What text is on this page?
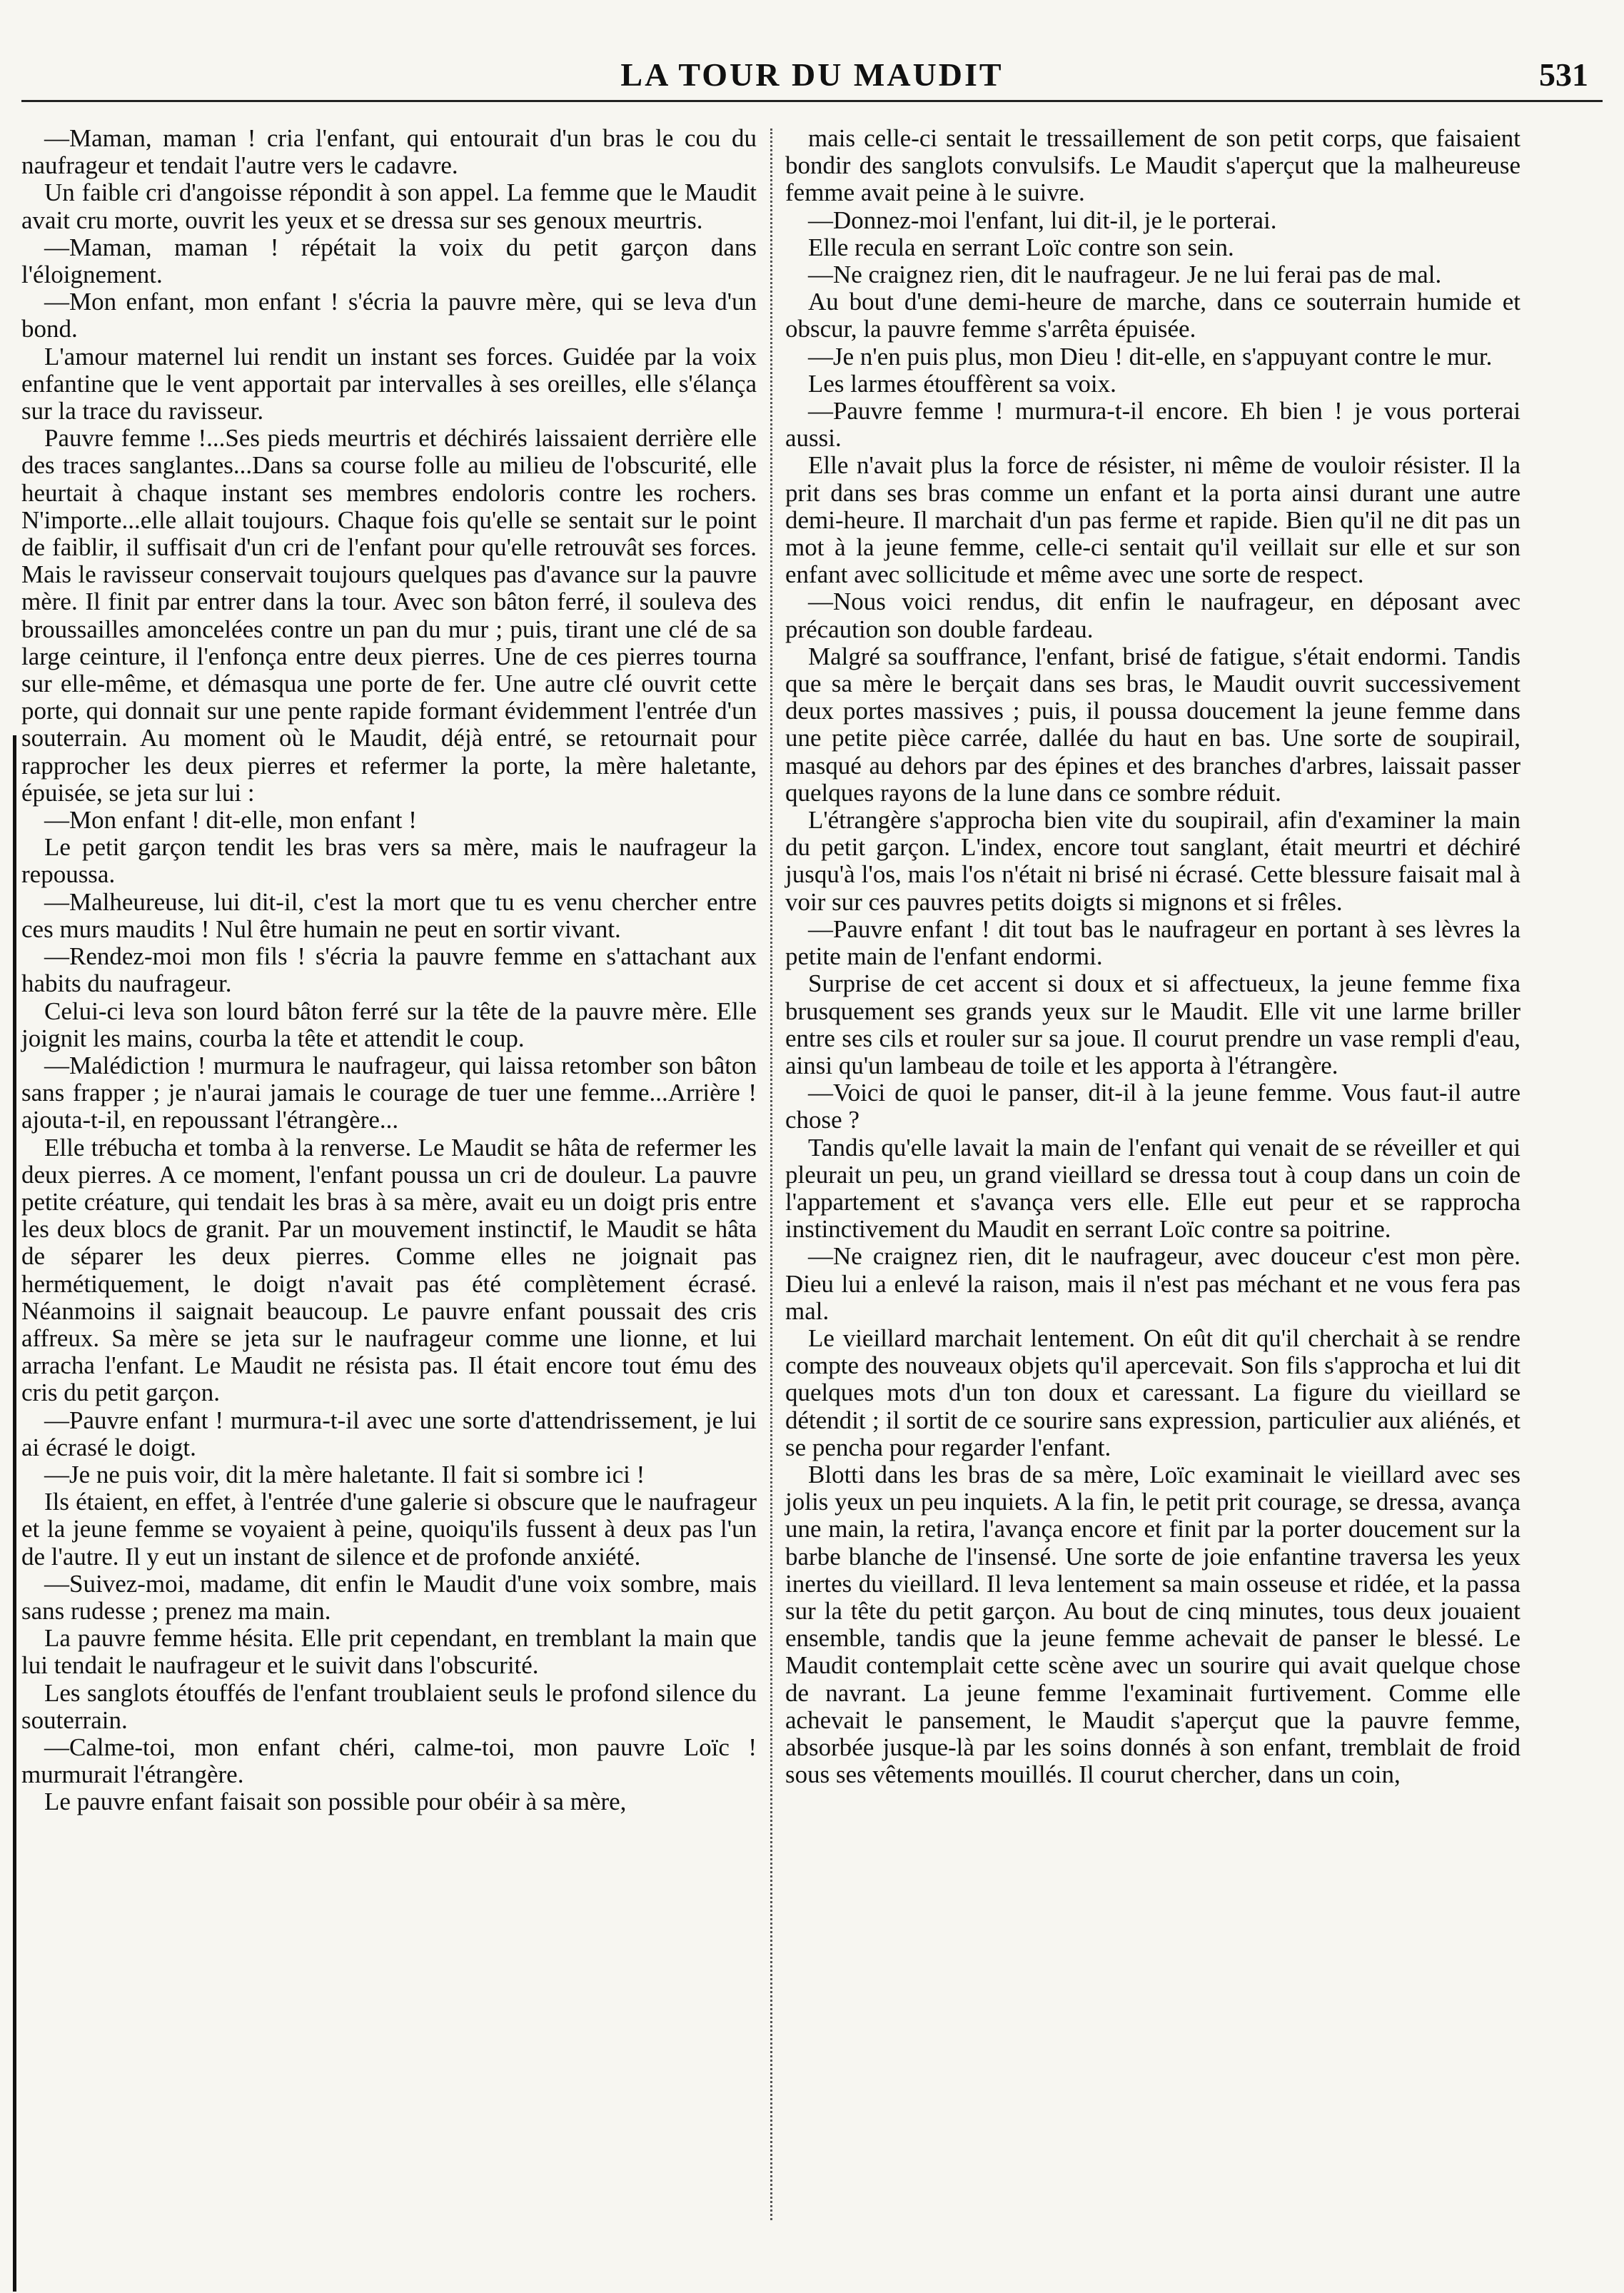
LA TOUR DU MAUDIT	531

—Maman, maman ! cria l'enfant, qui entourait d'un bras le cou du naufrageur et tendait l'autre vers le cadavre.

Un faible cri d'angoisse répondit à son appel. La femme que le Maudit avait cru morte, ouvrit les yeux et se dressa sur ses genoux meurtris.

—Maman, maman ! répétait la voix du petit garçon dans l'éloignement.

—Mon enfant, mon enfant ! s'écria la pauvre mère, qui se leva d'un bond.

L'amour maternel lui rendit un instant ses forces. Guidée par la voix enfantine que le vent apportait par intervalles à ses oreilles, elle s'élança sur la trace du ravisseur.

Pauvre femme !...Ses pieds meurtris et déchirés laissaient derrière elle des traces sanglantes...Dans sa course folle au milieu de l'obscurité, elle heurtait à chaque instant ses membres endoloris contre les rochers. N'importe...elle allait toujours. Chaque fois qu'elle se sentait sur le point de faiblir, il suffisait d'un cri de l'enfant pour qu'elle retrouvât ses forces. Mais le ravisseur conservait toujours quelques pas d'avance sur la pauvre mère. Il finit par entrer dans la tour. Avec son bâton ferré, il souleva des broussailles amoncelées contre un pan du mur ; puis, tirant une clé de sa large ceinture, il l'enfonça entre deux pierres. Une de ces pierres tourna sur elle-même, et démasqua une porte de fer. Une autre clé ouvrit cette porte, qui donnait sur une pente rapide formant évidemment l'entrée d'un souterrain. Au moment où le Maudit, déjà entré, se retournait pour rapprocher les deux pierres et refermer la porte, la mère haletante, épuisée, se jeta sur lui :

—Mon enfant ! dit-elle, mon enfant !

Le petit garçon tendit les bras vers sa mère, mais le naufrageur la repoussa.

—Malheureuse, lui dit-il, c'est la mort que tu es venu chercher entre ces murs maudits ! Nul être humain ne peut en sortir vivant.

—Rendez-moi mon fils ! s'écria la pauvre femme en s'attachant aux habits du naufrageur.

Celui-ci leva son lourd bâton ferré sur la tête de la pauvre mère. Elle joignit les mains, courba la tête et attendit le coup.

—Malédiction ! murmura le naufrageur, qui laissa retomber son bâton sans frapper ; je n'aurai jamais le courage de tuer une femme...Arrière ! ajouta-t-il, en repoussant l'étrangère...

Elle trébucha et tomba à la renverse. Le Maudit se hâta de refermer les deux pierres. A ce moment, l'enfant poussa un cri de douleur. La pauvre petite créature, qui tendait les bras à sa mère, avait eu un doigt pris entre les deux blocs de granit. Par un mouvement instinctif, le Maudit se hâta de séparer les deux pierres. Comme elles ne joignait pas hermétiquement, le doigt n'avait pas été complètement écrasé. Néanmoins il saignait beaucoup. Le pauvre enfant poussait des cris affreux. Sa mère se jeta sur le naufrageur comme une lionne, et lui arracha l'enfant. Le Maudit ne résista pas. Il était encore tout ému des cris du petit garçon.

—Pauvre enfant ! murmura-t-il avec une sorte d'attendrissement, je lui ai écrasé le doigt.

—Je ne puis voir, dit la mère haletante. Il fait si sombre ici !

Ils étaient, en effet, à l'entrée d'une galerie si obscure que le naufrageur et la jeune femme se voyaient à peine, quoiqu'ils fussent à deux pas l'un de l'autre. Il y eut un instant de silence et de profonde anxiété.

—Suivez-moi, madame, dit enfin le Maudit d'une voix sombre, mais sans rudesse ; prenez ma main.

La pauvre femme hésita. Elle prit cependant, en tremblant la main que lui tendait le naufrageur et le suivit dans l'obscurité.

Les sanglots étouffés de l'enfant troublaient seuls le profond silence du souterrain.

—Calme-toi, mon enfant chéri, calme-toi, mon pauvre Loïc ! murmurait l'étrangère.

Le pauvre enfant faisait son possible pour obéir à sa mère,

mais celle-ci sentait le tressaillement de son petit corps, que faisaient bondir des sanglots convulsifs. Le Maudit s'aperçut que la malheureuse femme avait peine à le suivre.

—Donnez-moi l'enfant, lui dit-il, je le porterai.

Elle recula en serrant Loïc contre son sein.

—Ne craignez rien, dit le naufrageur. Je ne lui ferai pas de mal.

Au bout d'une demi-heure de marche, dans ce souterrain humide et obscur, la pauvre femme s'arrêta épuisée.

—Je n'en puis plus, mon Dieu ! dit-elle, en s'appuyant contre le mur.

Les larmes étouffèrent sa voix.

—Pauvre femme ! murmura-t-il encore. Eh bien ! je vous porterai aussi.

Elle n'avait plus la force de résister, ni même de vouloir résister. Il la prit dans ses bras comme un enfant et la porta ainsi durant une autre demi-heure. Il marchait d'un pas ferme et rapide. Bien qu'il ne dit pas un mot à la jeune femme, celle-ci sentait qu'il veillait sur elle et sur son enfant avec sollicitude et même avec une sorte de respect.

—Nous voici rendus, dit enfin le naufrageur, en déposant avec précaution son double fardeau.

Malgré sa souffrance, l'enfant, brisé de fatigue, s'était endormi. Tandis que sa mère le berçait dans ses bras, le Maudit ouvrit successivement deux portes massives ; puis, il poussa doucement la jeune femme dans une petite pièce carrée, dallée du haut en bas. Une sorte de soupirail, masqué au dehors par des épines et des branches d'arbres, laissait passer quelques rayons de la lune dans ce sombre réduit.

L'étrangère s'approcha bien vite du soupirail, afin d'examiner la main du petit garçon. L'index, encore tout sanglant, était meurtri et déchiré jusqu'à l'os, mais l'os n'était ni brisé ni écrasé. Cette blessure faisait mal à voir sur ces pauvres petits doigts si mignons et si frêles.

—Pauvre enfant ! dit tout bas le naufrageur en portant à ses lèvres la petite main de l'enfant endormi.

Surprise de cet accent si doux et si affectueux, la jeune femme fixa brusquement ses grands yeux sur le Maudit. Elle vit une larme briller entre ses cils et rouler sur sa joue. Il courut prendre un vase rempli d'eau, ainsi qu'un lambeau de toile et les apporta à l'étrangère.

—Voici de quoi le panser, dit-il à la jeune femme. Vous faut-il autre chose ?

Tandis qu'elle lavait la main de l'enfant qui venait de se réveiller et qui pleurait un peu, un grand vieillard se dressa tout à coup dans un coin de l'appartement et s'avança vers elle. Elle eut peur et se rapprocha instinctivement du Maudit en serrant Loïc contre sa poitrine.

—Ne craignez rien, dit le naufrageur, avec douceur c'est mon père. Dieu lui a enlevé la raison, mais il n'est pas méchant et ne vous fera pas mal.

Le vieillard marchait lentement. On eût dit qu'il cherchait à se rendre compte des nouveaux objets qu'il apercevait. Son fils s'approcha et lui dit quelques mots d'un ton doux et caressant. La figure du vieillard se détendit ; il sortit de ce sourire sans expression, particulier aux aliénés, et se pencha pour regarder l'enfant.

Blotti dans les bras de sa mère, Loïc examinait le vieillard avec ses jolis yeux un peu inquiets. A la fin, le petit prit courage, se dressa, avança une main, la retira, l'avança encore et finit par la porter doucement sur la barbe blanche de l'insensé. Une sorte de joie enfantine traversa les yeux inertes du vieillard. Il leva lentement sa main osseuse et ridée, et la passa sur la tête du petit garçon. Au bout de cinq minutes, tous deux jouaient ensemble, tandis que la jeune femme achevait de panser le blessé. Le Maudit contemplait cette scène avec un sourire qui avait quelque chose de navrant. La jeune femme l'examinait furtivement. Comme elle achevait le pansement, le Maudit s'aperçut que la pauvre femme, absorbée jusque-là par les soins donnés à son enfant, tremblait de froid sous ses vêtements mouillés. Il courut chercher, dans un coin,
